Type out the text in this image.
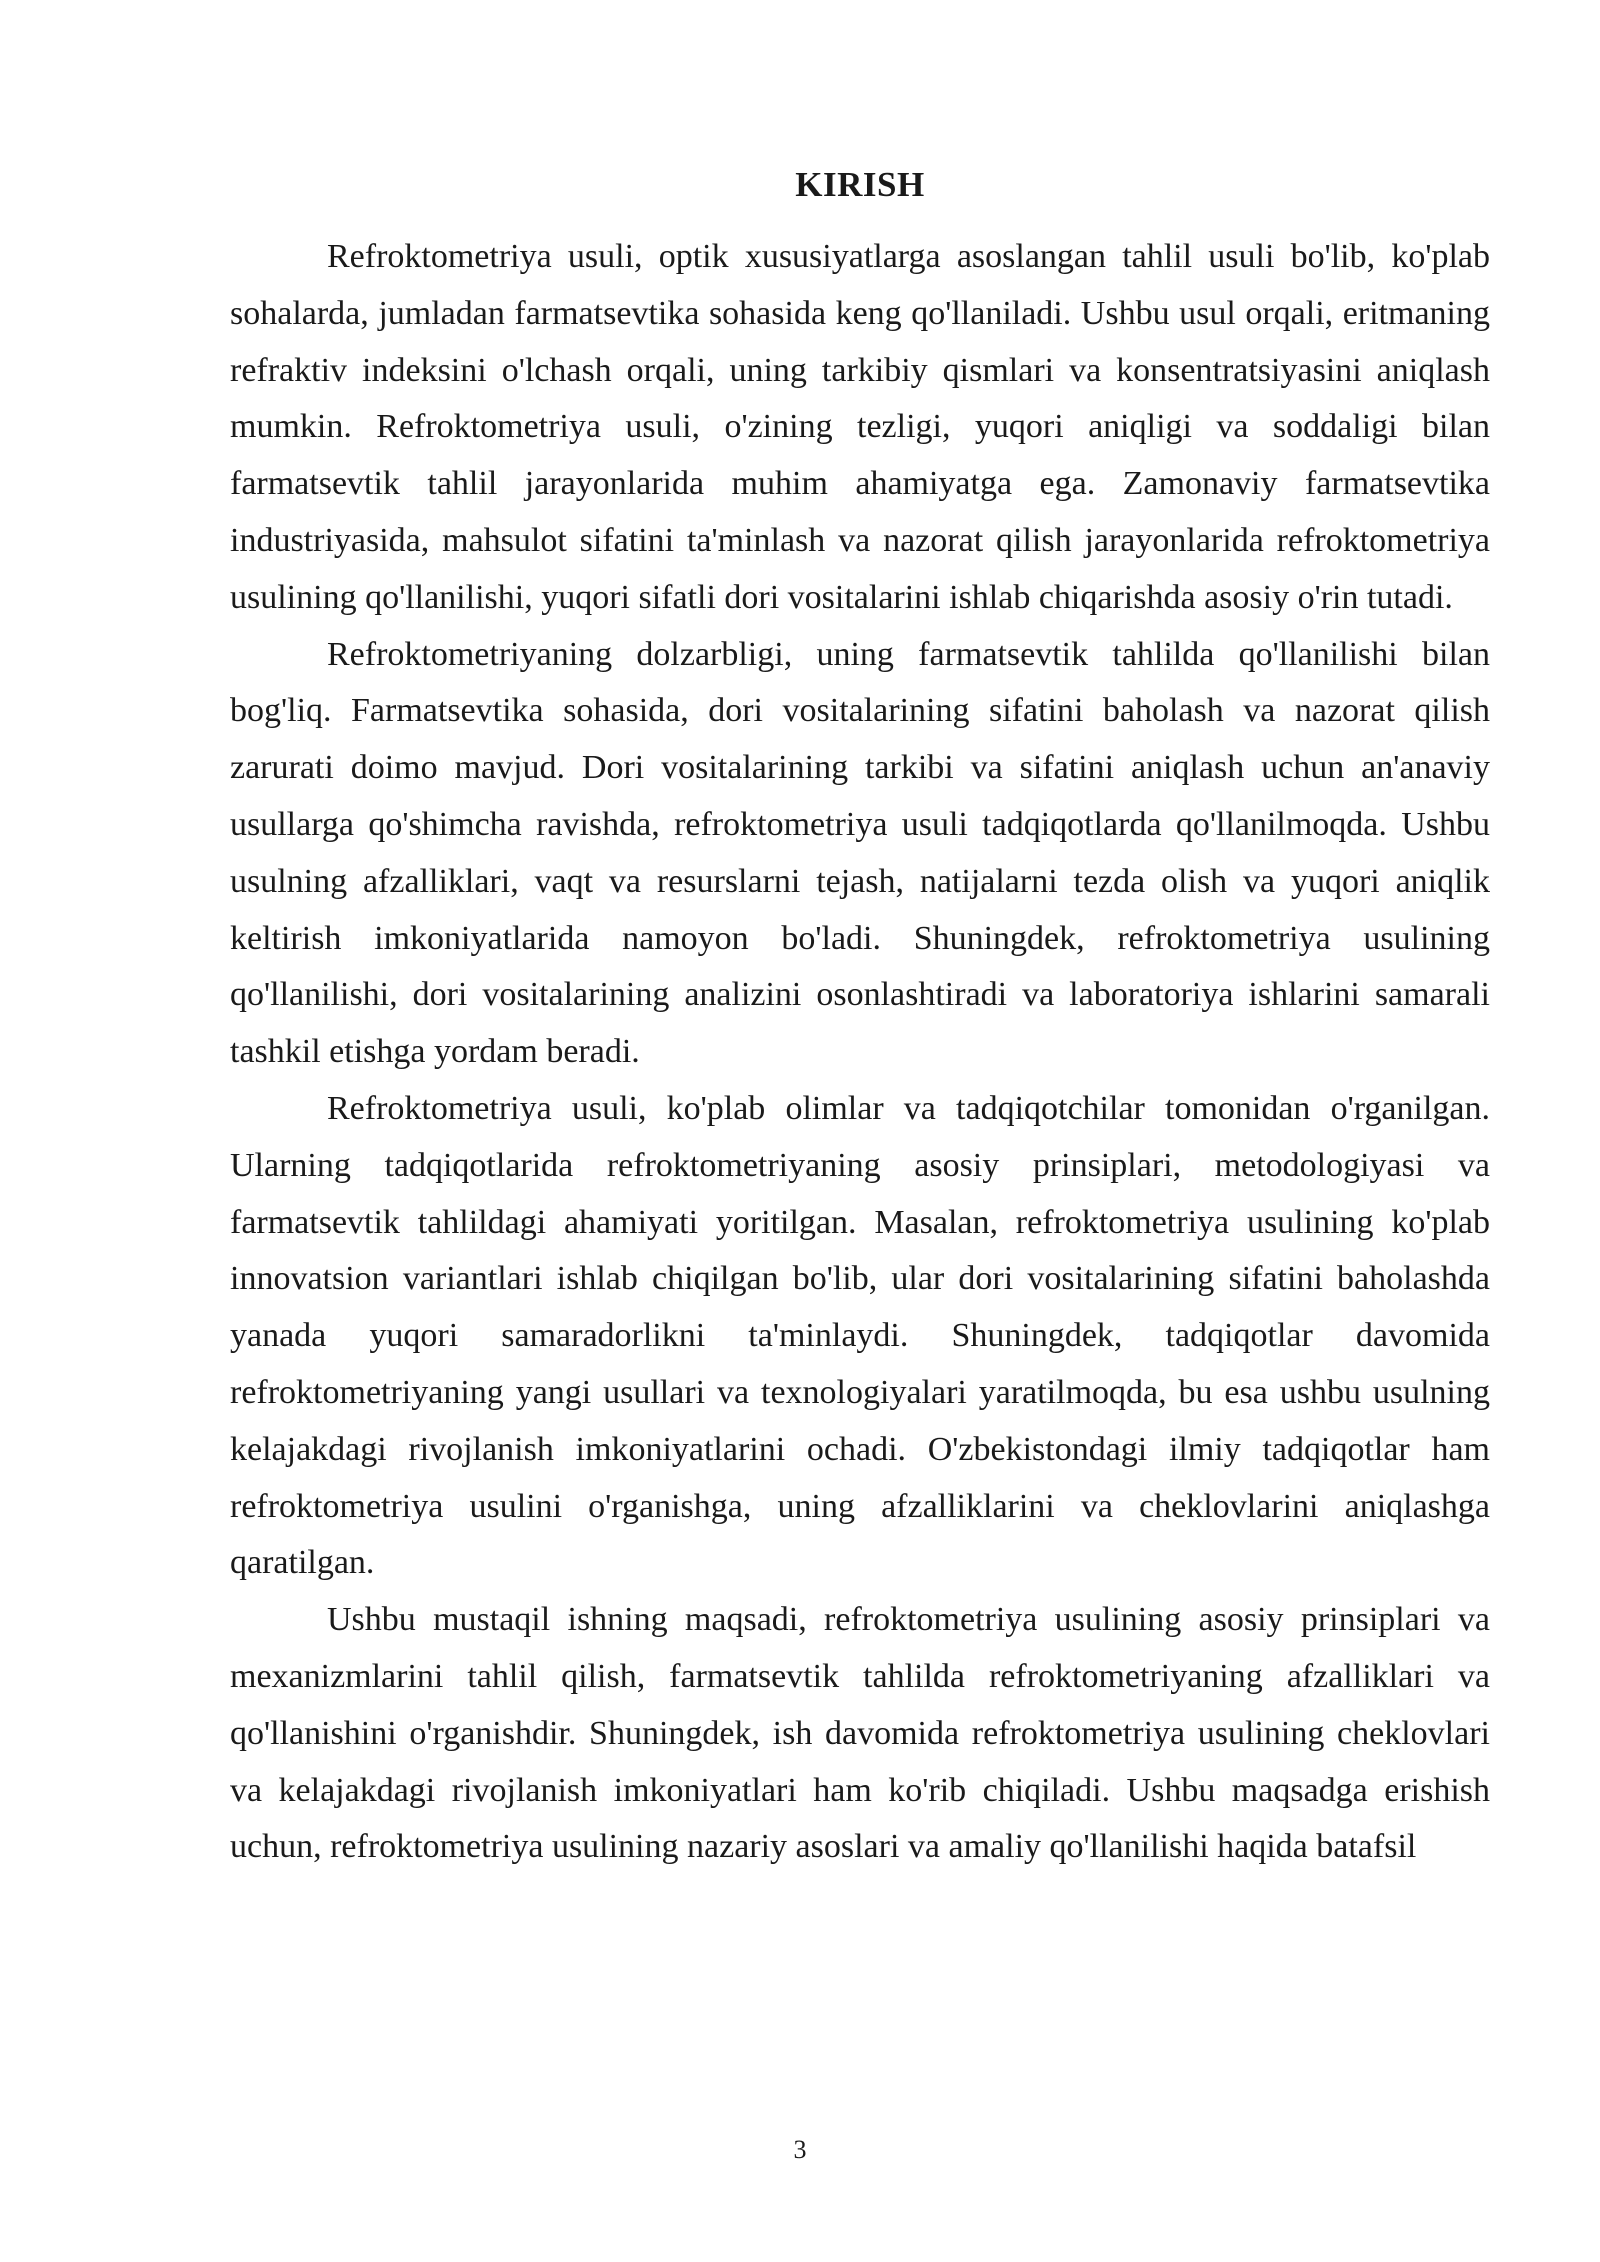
KIRISH

Refroktometriya usuli, optik xususiyatlarga asoslangan tahlil usuli bo'lib, ko'plab sohalarda, jumladan farmatsevtika sohasida keng qo'llaniladi. Ushbu usul orqali, eritmaning refraktiv indeksini o'lchash orqali, uning tarkibiy qismlari va konsentratsiyasini aniqlash mumkin. Refroktometriya usuli, o'zining tezligi, yuqori aniqligi va soddaligi bilan farmatsevtik tahlil jarayonlarida muhim ahamiyatga ega. Zamonaviy farmatsevtika industriyasida, mahsulot sifatini ta'minlash va nazorat qilish jarayonlarida refroktometriya usulining qo'llanilishi, yuqori sifatli dori vositalarini ishlab chiqarishda asosiy o'rin tutadi.

Refroktometriyaning dolzarbligi, uning farmatsevtik tahlilda qo'llanilishi bilan bog'liq. Farmatsevtika sohasida, dori vositalarining sifatini baholash va nazorat qilish zarurati doimo mavjud. Dori vositalarining tarkibi va sifatini aniqlash uchun an'anaviy usullarga qo'shimcha ravishda, refroktometriya usuli tadqiqotlarda qo'llanilmoqda. Ushbu usulning afzalliklari, vaqt va resurslarni tejash, natijalarni tezda olish va yuqori aniqlik keltirish imkoniyatlarida namoyon bo'ladi. Shuningdek, refroktometriya usulining qo'llanilishi, dori vositalarining analizini osonlashtiradi va laboratoriya ishlarini samarali tashkil etishga yordam beradi.

Refroktometriya usuli, ko'plab olimlar va tadqiqotchilar tomonidan o'rganilgan. Ularning tadqiqotlarida refroktometriyaning asosiy prinsiplari, metodologiyasi va farmatsevtik tahlildagi ahamiyati yoritilgan. Masalan, refroktometriya usulining ko'plab innovatsion variantlari ishlab chiqilgan bo'lib, ular dori vositalarining sifatini baholashda yanada yuqori samaradorlikni ta'minlaydi. Shuningdek, tadqiqotlar davomida refroktometriyaning yangi usullari va texnologiyalari yaratilmoqda, bu esa ushbu usulning kelajakdagi rivojlanish imkoniyatlarini ochadi. O'zbekistondagi ilmiy tadqiqotlar ham refroktometriya usulini o'rganishga, uning afzalliklarini va cheklovlarini aniqlashga qaratilgan.

Ushbu mustaqil ishning maqsadi, refroktometriya usulining asosiy prinsiplari va mexanizmlarini tahlil qilish, farmatsevtik tahlilda refroktometriyaning afzalliklari va qo'llanishini o'rganishdir. Shuningdek, ish davomida refroktometriya usulining cheklovlari va kelajakdagi rivojlanish imkoniyatlari ham ko'rib chiqiladi. Ushbu maqsadga erishish uchun, refroktometriya usulining nazariy asoslari va amaliy qo'llanilishi haqida batafsil

3
